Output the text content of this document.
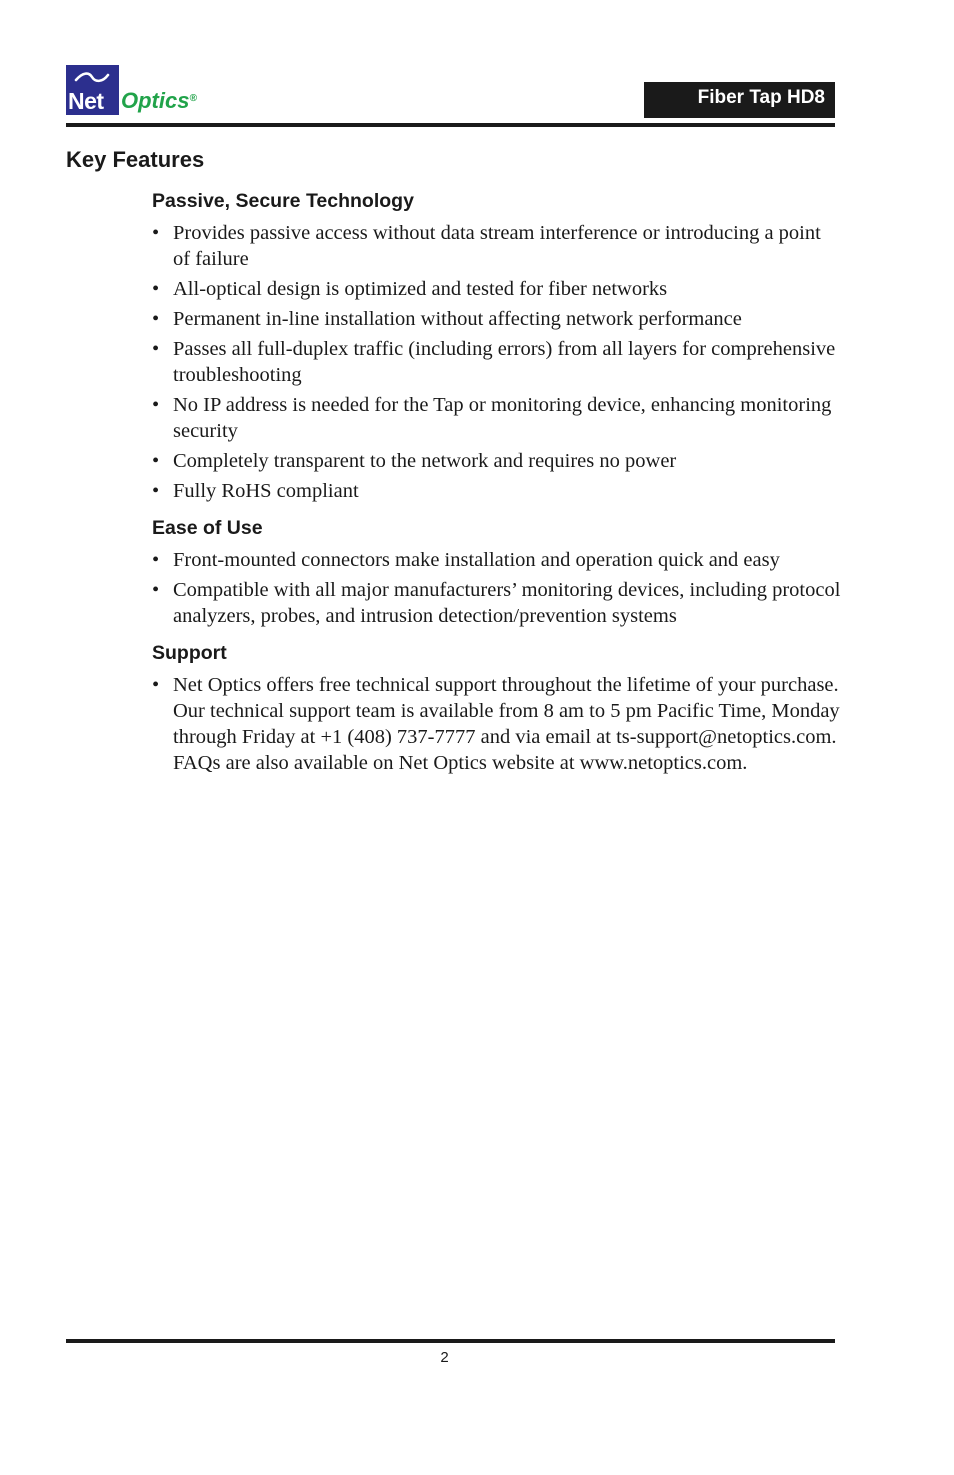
Net Optics®	Fiber Tap HD8
Key Features
Passive, Secure Technology
• Provides passive access without data stream interference or introducing a point of failure
• All-optical design is optimized and tested for fiber networks
• Permanent in-line installation without affecting network performance
• Passes all full-duplex traffic (including errors) from all layers for comprehensive troubleshooting
• No IP address is needed for the Tap or monitoring device, enhancing monitoring security
• Completely transparent to the network and requires no power
• Fully RoHS compliant
Ease of Use
• Front-mounted connectors make installation and operation quick and easy
• Compatible with all major manufacturers’ monitoring devices, including protocol analyzers, probes, and intrusion detection/prevention systems
Support
• Net Optics offers free technical support throughout the lifetime of your purchase. Our technical support team is available from 8 am to 5 pm Pacific Time, Monday through Friday at +1 (408) 737-7777 and via email at ts-support@netoptics.com. FAQs are also available on Net Optics website at www.netoptics.com.
2
